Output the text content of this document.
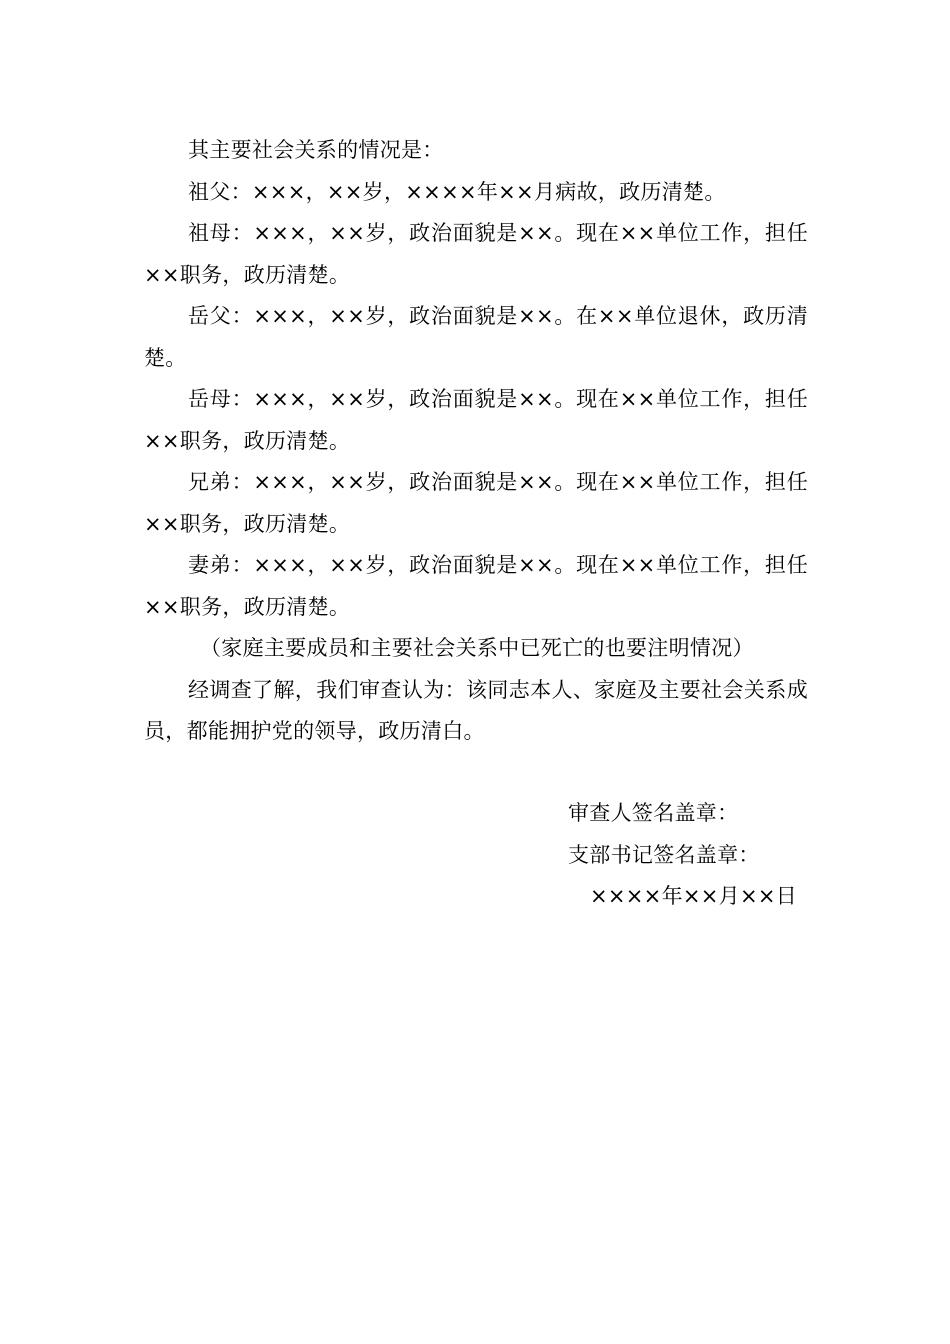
其主要社会关系的情况是：

祖父：×××，××岁，××××年××月病故，政历清楚。

祖母：×××，××岁，政治面貌是××。现在××单位工作，担任××职务，政历清楚。

岳父：×××，××岁，政治面貌是××。在××单位退休，政历清楚。

岳母：×××，××岁，政治面貌是××。现在××单位工作，担任××职务，政历清楚。

兄弟：×××，××岁，政治面貌是××。现在××单位工作，担任××职务，政历清楚。

妻弟：×××，××岁，政治面貌是××。现在××单位工作，担任××职务，政历清楚。

（家庭主要成员和主要社会关系中已死亡的也要注明情况）

经调查了解，我们审查认为：该同志本人、家庭及主要社会关系成员，都能拥护党的领导，政历清白。

审查人签名盖章：

支部书记签名盖章：

××××年××月××日
